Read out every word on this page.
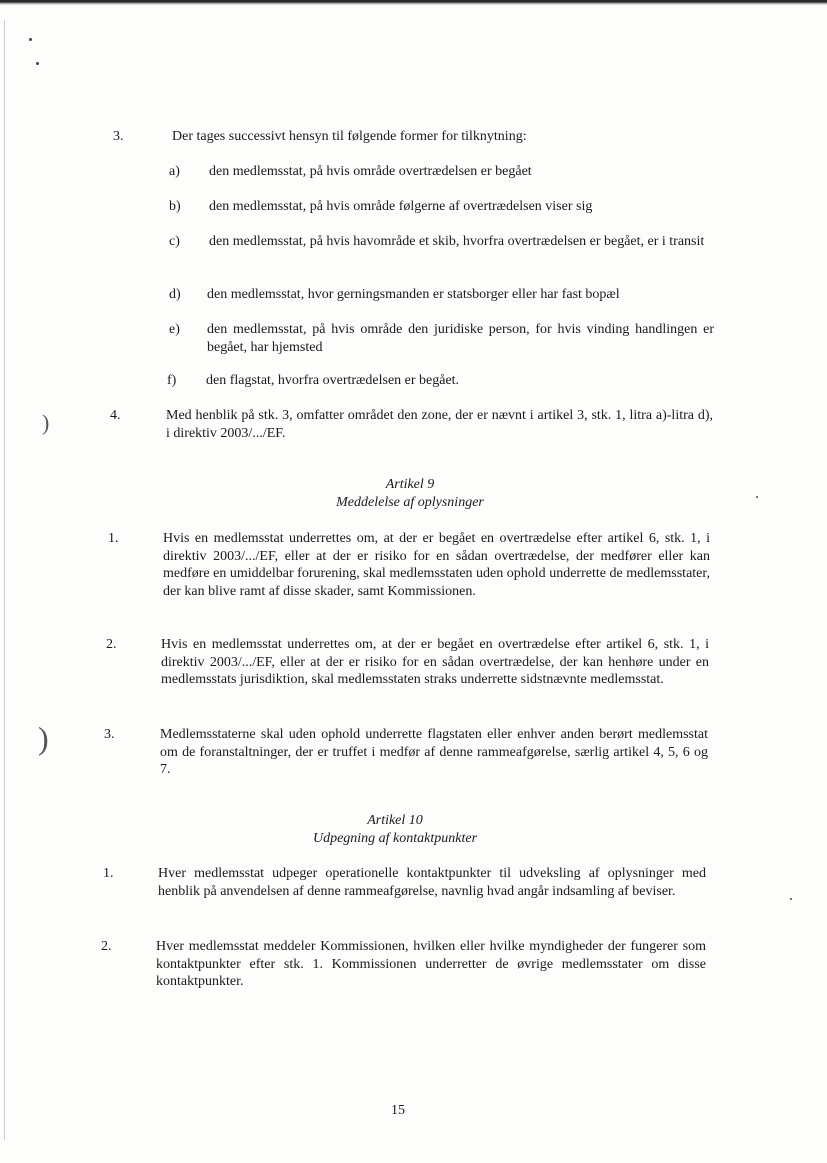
)
)
3.	Der tages successivt hensyn til følgende former for tilknytning:

a)	den medlemsstat, på hvis område overtrædelsen er begået

b)	den medlemsstat, på hvis område følgerne af overtrædelsen viser sig

c)	den medlemsstat, på hvis havområde et skib, hvorfra overtrædelsen er begået, er i transit

d)	den medlemsstat, hvor gerningsmanden er statsborger eller har fast bopæl

e)	den medlemsstat, på hvis område den juridiske person, for hvis vinding handlingen er begået, har hjemsted

f)	den flagstat, hvorfra overtrædelsen er begået.

4.	Med henblik på stk. 3, omfatter området den zone, der er nævnt i artikel 3, stk. 1, litra a)-litra d), i direktiv 2003/.../EF.

Artikel 9
Meddelelse af oplysninger
1.	Hvis en medlemsstat underrettes om, at der er begået en overtrædelse efter artikel 6, stk. 1, i direktiv 2003/.../EF, eller at der er risiko for en sådan overtrædelse, der medfører eller kan medføre en umiddelbar forurening, skal medlemsstaten uden ophold underrette de medlemsstater, der kan blive ramt af disse skader, samt Kommissionen.

2.	Hvis en medlemsstat underrettes om, at der er begået en overtrædelse efter artikel 6, stk. 1, i direktiv 2003/.../EF, eller at der er risiko for en sådan overtrædelse, der kan henhøre under en medlemsstats jurisdiktion, skal medlemsstaten straks underrette sidstnævnte medlemsstat.

3.	Medlemsstaterne skal uden ophold underrette flagstaten eller enhver anden berørt medlemsstat om de foranstaltninger, der er truffet i medfør af denne rammeafgørelse, særlig artikel 4, 5, 6 og 7.

Artikel 10
Udpegning af kontaktpunkter
1.	Hver medlemsstat udpeger operationelle kontaktpunkter til udveksling af oplysninger med henblik på anvendelsen af denne rammeafgørelse, navnlig hvad angår indsamling af beviser.

2.	Hver medlemsstat meddeler Kommissionen, hvilken eller hvilke myndigheder der fungerer som kontaktpunkter efter stk. 1. Kommissionen underretter de øvrige medlemsstater om disse kontaktpunkter.

15
